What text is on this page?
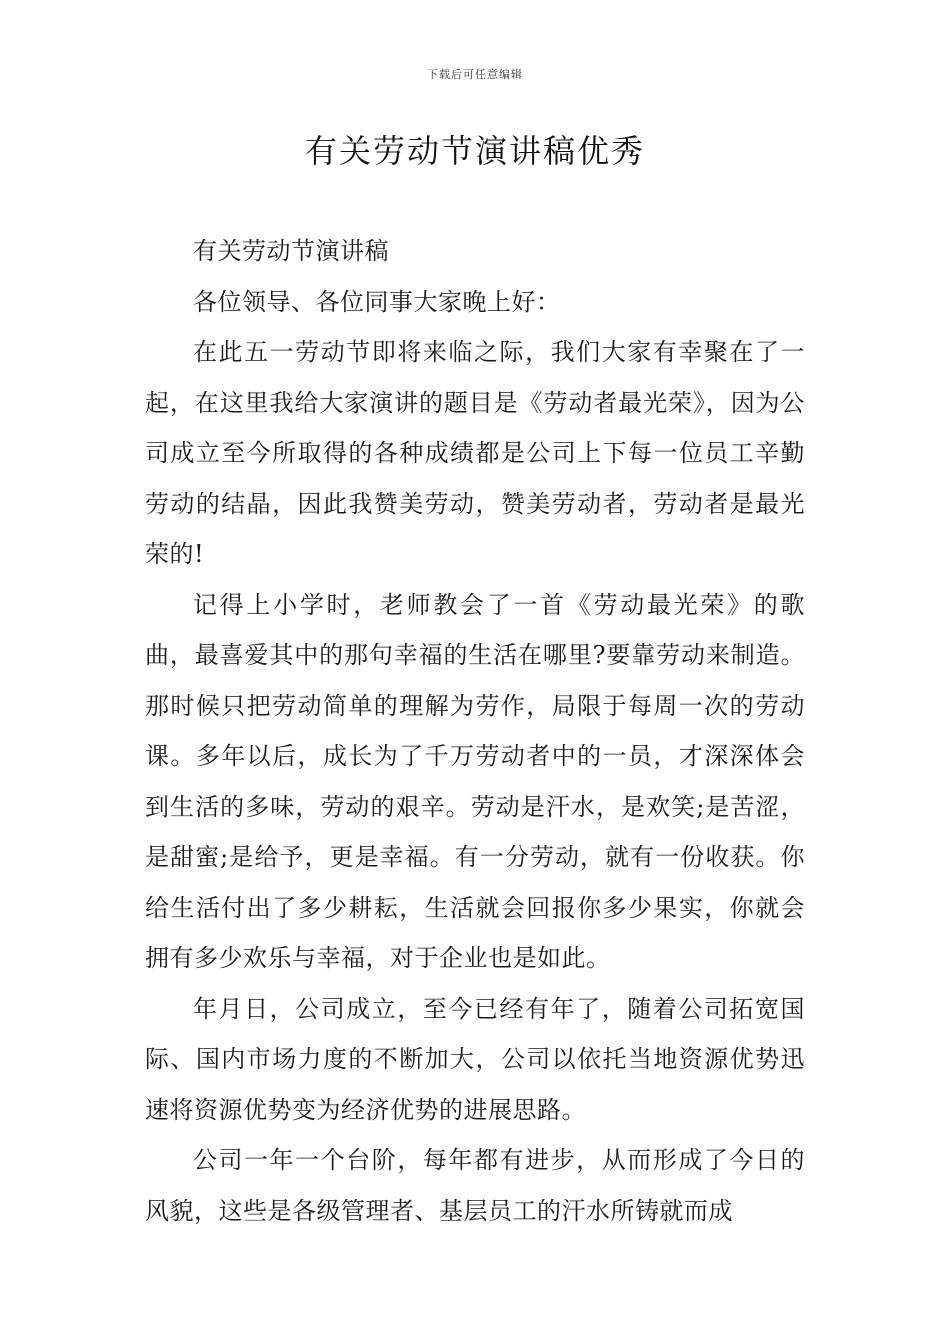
下载后可任意编辑
有关劳动节演讲稿优秀

有关劳动节演讲稿

各位领导、各位同事大家晚上好：

在此五一劳动节即将来临之际，我们大家有幸聚在了一起，在这里我给大家演讲的题目是《劳动者最光荣》，因为公司成立至今所取得的各种成绩都是公司上下每一位员工辛勤劳动的结晶，因此我赞美劳动，赞美劳动者，劳动者是最光荣的!

记得上小学时，老师教会了一首《劳动最光荣》的歌曲，最喜爱其中的那句幸福的生活在哪里?要靠劳动来制造。那时候只把劳动简单的理解为劳作，局限于每周一次的劳动课。多年以后，成长为了千万劳动者中的一员，才深深体会到生活的多味，劳动的艰辛。劳动是汗水，是欢笑;是苦涩，是甜蜜;是给予，更是幸福。有一分劳动，就有一份收获。你给生活付出了多少耕耘，生活就会回报你多少果实，你就会拥有多少欢乐与幸福，对于企业也是如此。

年月日，公司成立，至今已经有年了，随着公司拓宽国际、国内市场力度的不断加大，公司以依托当地资源优势迅速将资源优势变为经济优势的进展思路。

公司一年一个台阶，每年都有进步，从而形成了今日的风貌，这些是各级管理者、基层员工的汗水所铸就而成
